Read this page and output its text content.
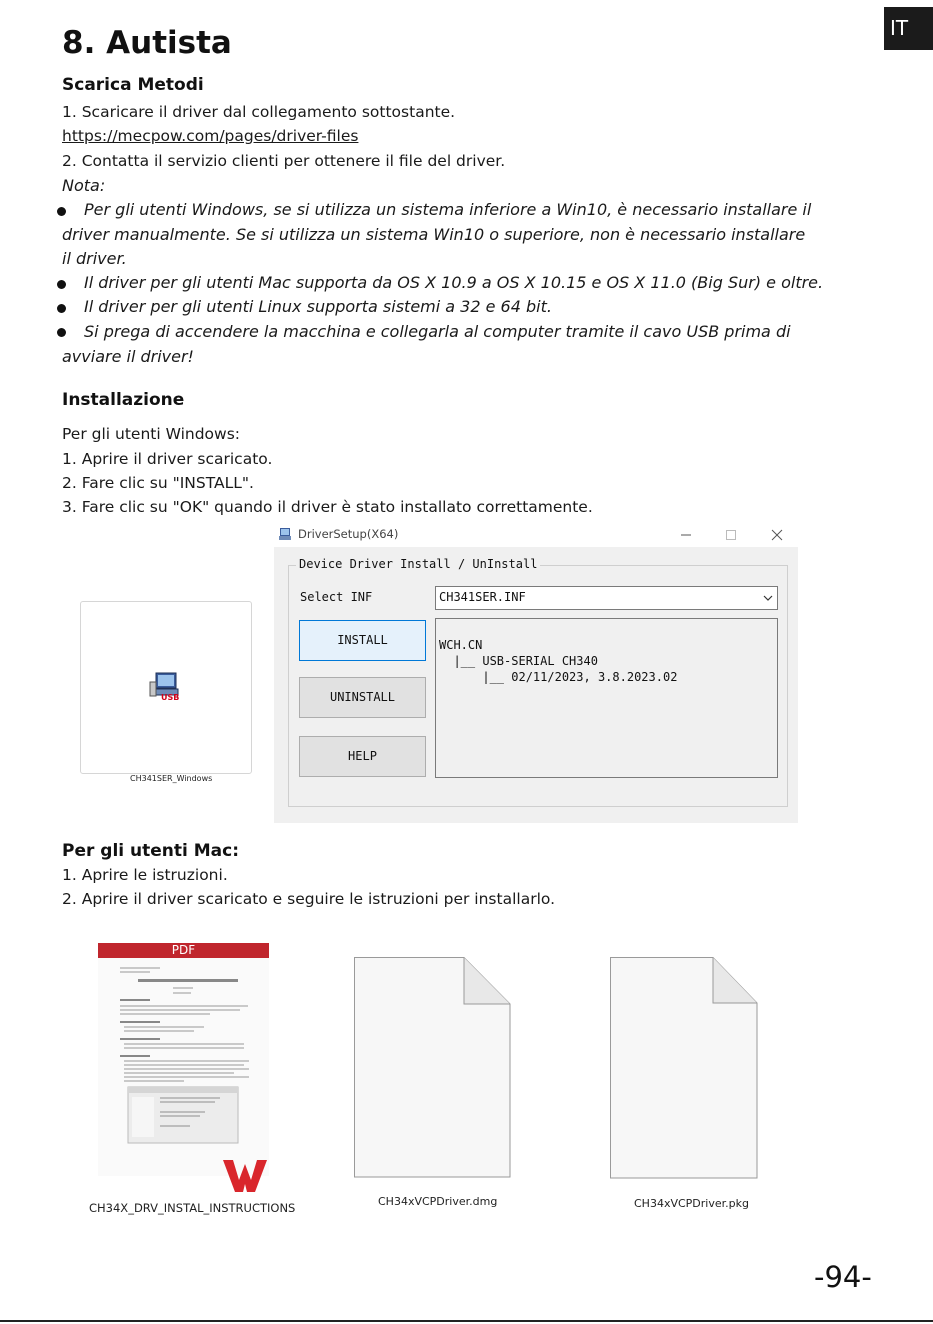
IT
8. Autista
Scarica Metodi
1. Scaricare il driver dal collegamento sottostante.
https://mecpow.com/pages/driver-files
2. Contatta il servizio clienti per ottenere il file del driver.
Nota:
Per gli utenti Windows, se si utilizza un sistema inferiore a Win10, è necessario installare il driver manualmente. Se si utilizza un sistema Win10 o superiore, non è necessario installare il driver.
Il driver per gli utenti Mac supporta da OS X 10.9 a OS X 10.15 e OS X 11.0 (Big Sur) e oltre.
Il driver per gli utenti Linux supporta sistemi a 32 e 64 bit.
Si prega di accendere la macchina e collegarla al computer tramite il cavo USB prima di avviare il driver!
Installazione
Per gli utenti Windows:
1. Aprire il driver scaricato.
2. Fare clic su "INSTALL".
3. Fare clic su "OK" quando il driver è stato installato correttamente.
USB
CH341SER_Windows
DriverSetup(X64)
Device Driver Install / UnInstall
Select INF	CH341SER.INF
INSTALL
UNINSTALL
HELP

WCH.CN
|__ USB-SERIAL CH340
|__ 02/11/2023, 3.8.2023.02
Per gli utenti Mac:
1. Aprire le istruzioni.
2. Aprire il driver scaricato e seguire le istruzioni per installarlo.
PDF
CH34X_DRV_INSTAL_INSTRUCTIONS	CH34xVCPDriver.dmg	CH34xVCPDriver.pkg
-94-
